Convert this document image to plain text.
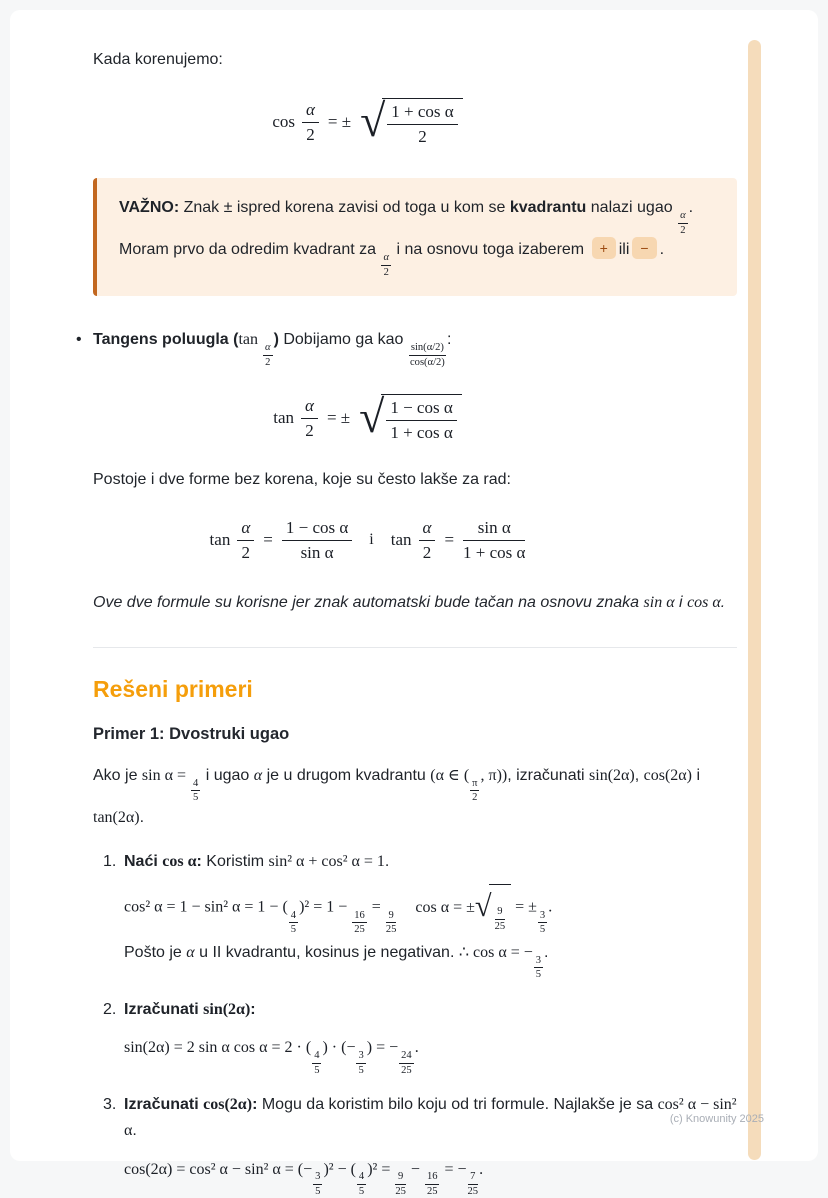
Kada korenujemo:

$\cos \frac{\alpha}{2}$ = ± √ $\frac{\text{1 + cos α}}{2}$
VAŽNO: Znak ± ispred korena zavisi od toga u kom se kvadrantu nalazi ugao
$\frac{\alpha}{2}$
. Moram prvo da odredim kvadrant za
$\frac{\alpha}{2}$
i na osnovu toga izaberem + ili − .
• Tangens poluugla (tan
$\frac{\alpha}{2}$
) Dobijamo ga kao
$\frac{\sin(\alpha/2)}{\cos(\alpha/2)}$
:
$\tan \frac{\alpha}{2}$ = ± √ $\frac{\text{1 − cos α}}{\text{1 + cos α}}$

Postoje i dve forme bez korena, koje su često lakše za rad:

$\tan \frac{\alpha}{2} = \frac{\text{1 − cos α}}{\text{sin α}}$	i	$\tan \frac{\alpha}{2} = \frac{\text{sin α}}{\text{1 + cos α}}$

Ove dve formule su korisne jer znak automatski bude tačan na osnovu znaka sin α i cos α.

Rešeni primeri
Primer 1: Dvostruki ugao

Ako je sin α =
$\frac{4}{5}$
i ugao α je u drugom kvadrantu (α ∈ (
$\frac{\pi}{2}$
, π)), izračunati sin(2α), cos(2α) i tan(2α).

1. Naći cos α: Koristim sin² α + cos² α = 1.

cos² α = 1 − sin² α = 1 − (
$\frac{4}{5}$
)² = 1 −
$\frac{16}{25}$
=
$\frac{9}{25}$
cos α = ± √ $\frac{9}{25}$ = ±
$\frac{3}{5}$
.

Pošto je α u II kvadrantu, kosinus je negativan. ∴ cos α = −
$\frac{3}{5}$
.

2. Izračunati sin(2α):

sin(2α) = 2 sin α cos α = 2 · (
$\frac{4}{5}$
) · (−
$\frac{3}{5}$
) = −
$\frac{24}{25}$
.

3. Izračunati cos(2α): Mogu da koristim bilo koju od tri formule. Najlakše je sa cos² α − sin² α.

cos(2α) = cos² α − sin² α = (−
$\frac{3}{5}$
)² − (
$\frac{4}{5}$
)² =
$\frac{9}{25}$
−
$\frac{16}{25}$
= −
$\frac{7}{25}$
.

(c) Knowunity 2025
